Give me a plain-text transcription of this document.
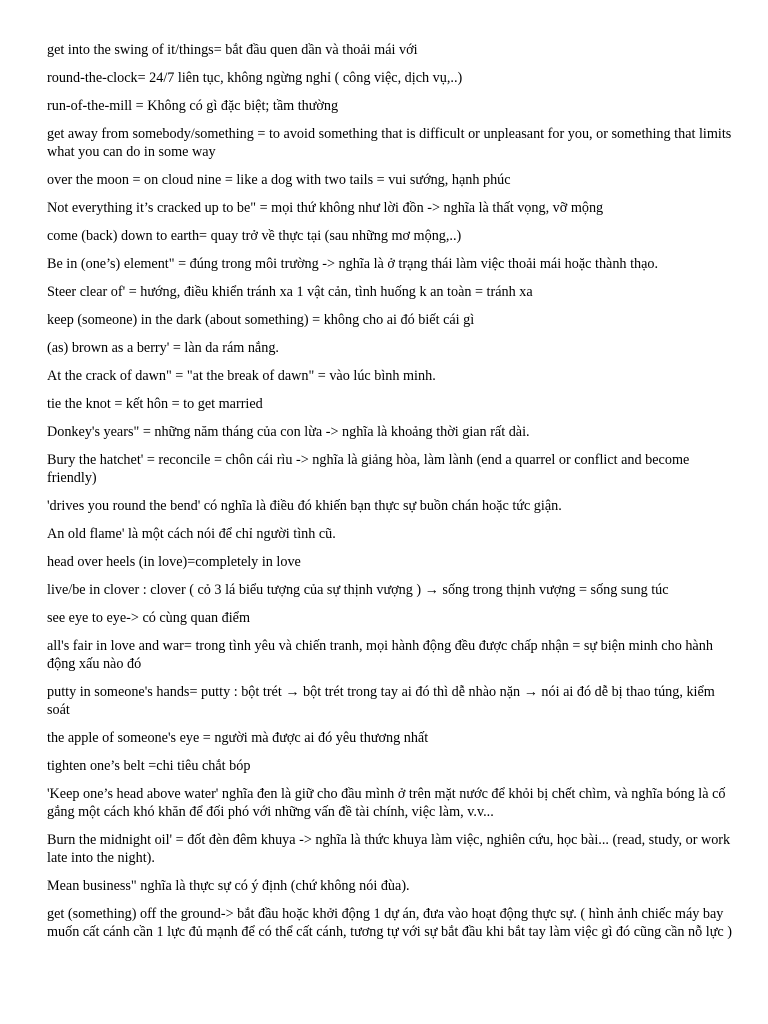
get into the swing of it/things= bắt đầu quen dần và thoải mái với

round-the-clock= 24/7 liên tục, không ngừng nghỉ ( công việc, dịch vụ,..)

run-of-the-mill = Không có gì đặc biệt; tầm thường

get away from somebody/something = to avoid something that is difficult or unpleasant for you, or something that limits what you can do in some way

over the moon = on cloud nine = like a dog with two tails = vui sướng, hạnh phúc

Not everything it’s cracked up to be" = mọi thứ không như lời đồn -> nghĩa là thất vọng, vỡ mộng

come (back) down to earth= quay trở về thực tại (sau những mơ mộng,..)

Be in (one’s) element" = đúng trong môi trường -> nghĩa là ở trạng thái làm việc thoải mái hoặc thành thạo.

Steer clear of' = hướng, điều khiển tránh xa 1 vật cản, tình huống k an toàn = tránh xa

keep (someone) in the dark (about something) = không cho ai đó biết cái gì

(as) brown as a berry' = làn da rám nắng.

At the crack of dawn" = "at the break of dawn" = vào lúc bình minh.

tie the knot = kết hôn = to get married

Donkey's years" = những năm tháng của con lừa -> nghĩa là khoảng thời gian rất dài.

Bury the hatchet' = reconcile = chôn cái rìu -> nghĩa là giảng hòa, làm lành (end a quarrel or conflict and become friendly)

'drives you round the bend' có nghĩa là điều đó khiến bạn thực sự buồn chán hoặc tức giận.

An old flame' là một cách nói để chỉ người tình cũ.

head over heels (in love)=completely in love

live/be in clover : clover ( cỏ 3 lá biểu tượng của sự thịnh vượng ) → sống trong thịnh vượng = sống sung túc

see eye to eye-> có cùng quan điểm

all's fair in love and war= trong tình yêu và chiến tranh, mọi hành động đều được chấp nhận = sự biện minh cho hành động xấu nào đó

putty in someone's hands= putty : bột trét → bột trét trong tay ai đó thì dễ nhào nặn → nói ai đó dễ bị thao túng, kiểm soát

the apple of someone's eye = người mà được ai đó yêu thương nhất

tighten one’s belt =chi tiêu chắt bóp

'Keep one’s head above water' nghĩa đen là giữ cho đầu mình ở trên mặt nước để khỏi bị chết chìm, và nghĩa bóng là cố gắng một cách khó khăn để đối phó với những vấn đề tài chính, việc làm, v.v...

Burn the midnight oil' = đốt đèn đêm khuya -> nghĩa là thức khuya làm việc, nghiên cứu, học bài... (read, study, or work late into the night).

Mean business" nghĩa là thực sự có ý định (chứ không nói đùa).

get (something) off the ground-> bắt đầu hoặc khởi động 1 dự án, đưa vào hoạt động thực sự. ( hình ảnh chiếc máy bay muốn cất cánh cần 1 lực đủ mạnh để có thể cất cánh, tương tự với sự bắt đầu khi bắt tay làm việc gì đó cũng cần nỗ lực )
